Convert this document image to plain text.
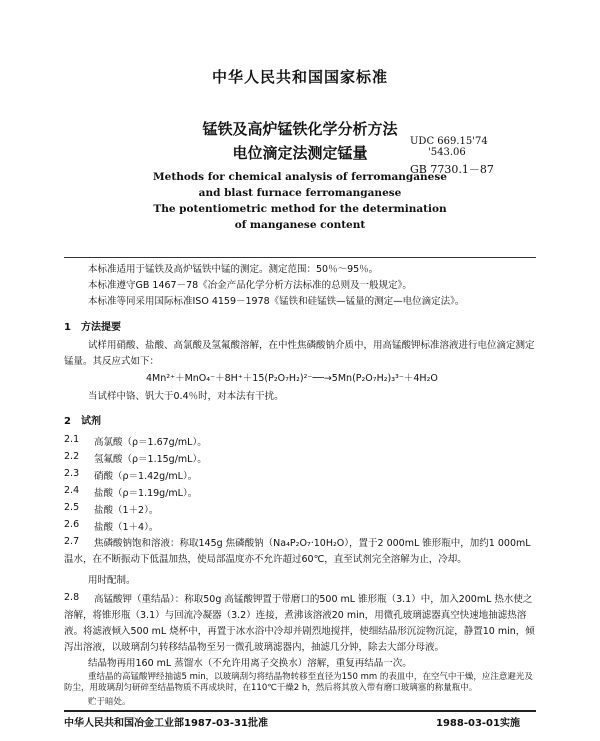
中华人民共和国国家标准
锰铁及高炉锰铁化学分析方法
电位滴定法测定锰量
UDC 669.15'74
'543.06
GB 7730.1－87
Methods for chemical analysis of ferromanganese
and blast furnace ferromanganese
The potentiometric method for the determination
of manganese content
本标准适用于锰铁及高炉锰铁中锰的测定。测定范围：50％～95％。
本标准遵守GB 1467－78《冶金产品化学分析方法标准的总则及一般规定》。
本标准等同采用国际标准ISO 4159－1978《锰铁和硅锰铁—锰量的测定—电位滴定法》。
1　方法提要
试样用硝酸、盐酸、高氯酸及氢氟酸溶解，在中性焦磷酸钠介质中，用高锰酸钾标准溶液进行电位滴定测定锰量。其反应式如下：
4Mn²⁺＋MnO₄⁻＋8H⁺＋15(P₂O₇H₂)²⁻──→5Mn(P₂O₇H₂)₃³⁻＋4H₂O
当试样中铬、钒大于0.4％时，对本法有干扰。
2　试剂
2.1 高氯酸（ρ＝1.67g/mL）。
2.2 氢氟酸（ρ＝1.15g/mL）。
2.3 硝酸（ρ＝1.42g/mL）。
2.4 盐酸（ρ＝1.19g/mL）。
2.5 盐酸（1＋2）。
2.6 盐酸（1＋4）。
2.7	焦磷酸钠饱和溶液：称取145g 焦磷酸钠（Na₄P₂O₇·10H₂O），置于2 000mL 锥形瓶中，加约1 000mL 温水，在不断振动下低温加热，使局部温度亦不允许超过60℃，直至试剂完全溶解为止，冷却。
用时配制。
2.8	高锰酸钾（重结晶）：称取50g 高锰酸钾置于带磨口的500 mL 锥形瓶（3.1）中，加入200mL 热水使之溶解，将锥形瓶（3.1）与回流冷凝器（3.2）连接，煮沸该溶液20 min，用微孔玻璃滤器真空快速地抽滤热溶液。将滤液倾入500 mL 烧杯中，再置于冰水浴中冷却并剧烈地搅拌，使细结晶形沉淀物沉淀，静置10 min，倾泻出溶液，以玻璃刮匀转移结晶物至另一微孔玻璃滤器内，抽滤几分钟，除去大部分母液。
结晶物再用160 mL 蒸馏水（不允许用离子交换水）溶解，重复再结晶一次。
重结晶的高锰酸钾经抽滤5 min，以玻璃刮匀将结晶物转移至直径为150 mm 的表皿中，在空气中干燥，应注意避光及防尘，用玻璃刮匀研碎至结晶物质不再成块时，在110℃干燥2 h，然后将其放入带有磨口玻璃塞的称量瓶中。
贮于暗处。
中华人民共和国冶金工业部1987-03-31批准	1988-03-01实施
